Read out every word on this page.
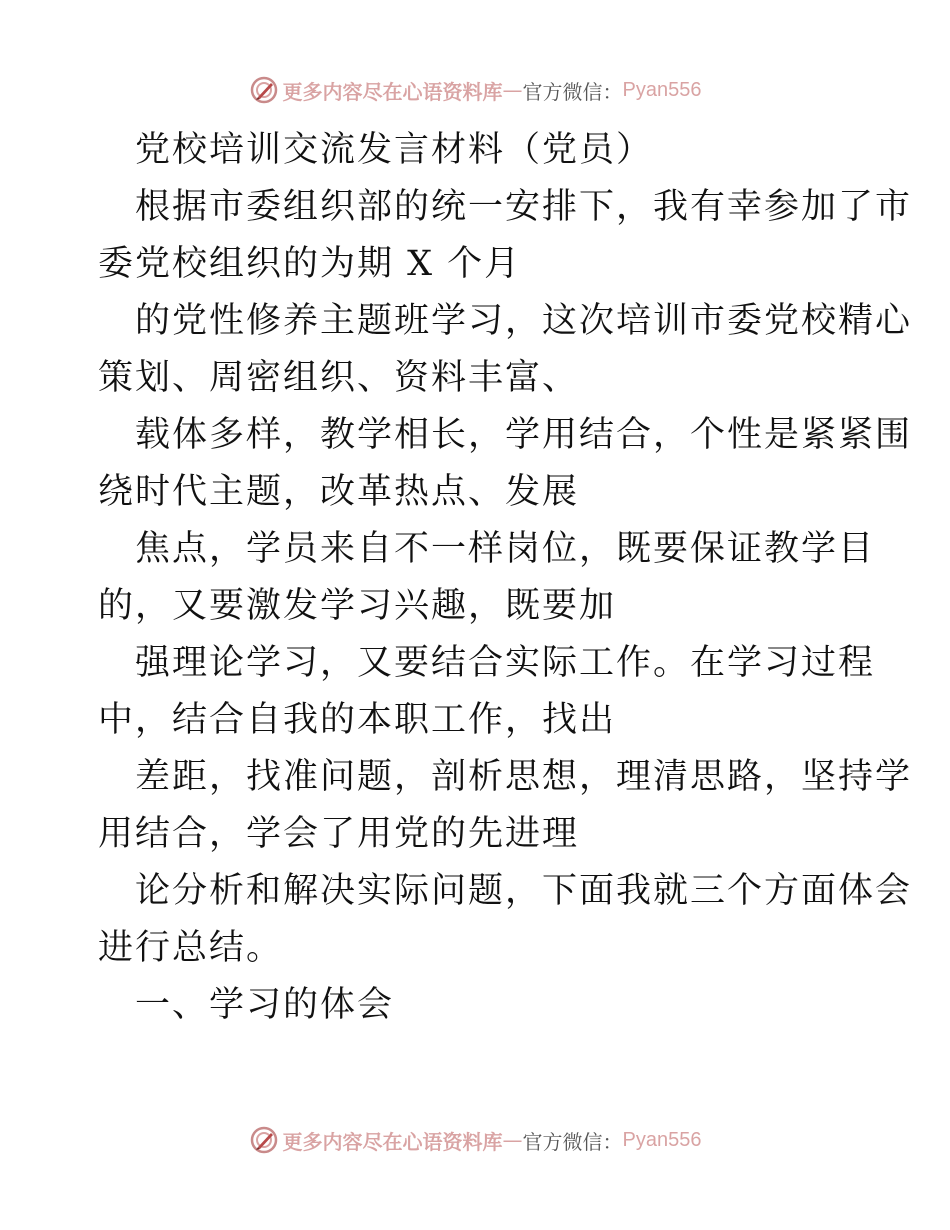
更多内容尽在心语资料库 — 官方微信： Pyan556
党校培训交流发言材料（党员）
根据市委组织部的统一安排下，我有幸参加了市
委党校组织的为期 X 个月
的党性修养主题班学习，这次培训市委党校精心
策划、周密组织、资料丰富、
载体多样，教学相长，学用结合，个性是紧紧围
绕时代主题，改革热点、发展
焦点，学员来自不一样岗位，既要保证教学目
的，又要激发学习兴趣，既要加
强理论学习，又要结合实际工作。在学习过程
中，结合自我的本职工作，找出
差距，找准问题，剖析思想，理清思路，坚持学
用结合，学会了用党的先进理
论分析和解决实际问题，下面我就三个方面体会
进行总结。
一、学习的体会
更多内容尽在心语资料库 — 官方微信： Pyan556
